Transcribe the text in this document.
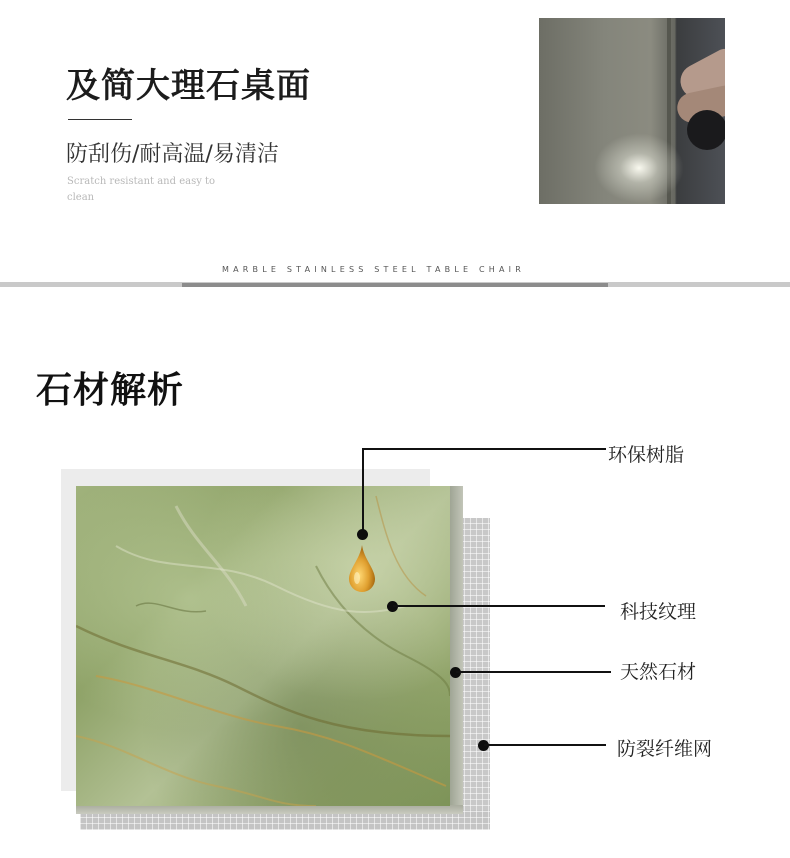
及简大理石桌面
防刮伤/耐高温/易清洁
Scratch resistant and easy to clean
MARBLE STAINLESS STEEL TABLE CHAIR
石材解析
环保树脂
科技纹理
天然石材
防裂纤维网
